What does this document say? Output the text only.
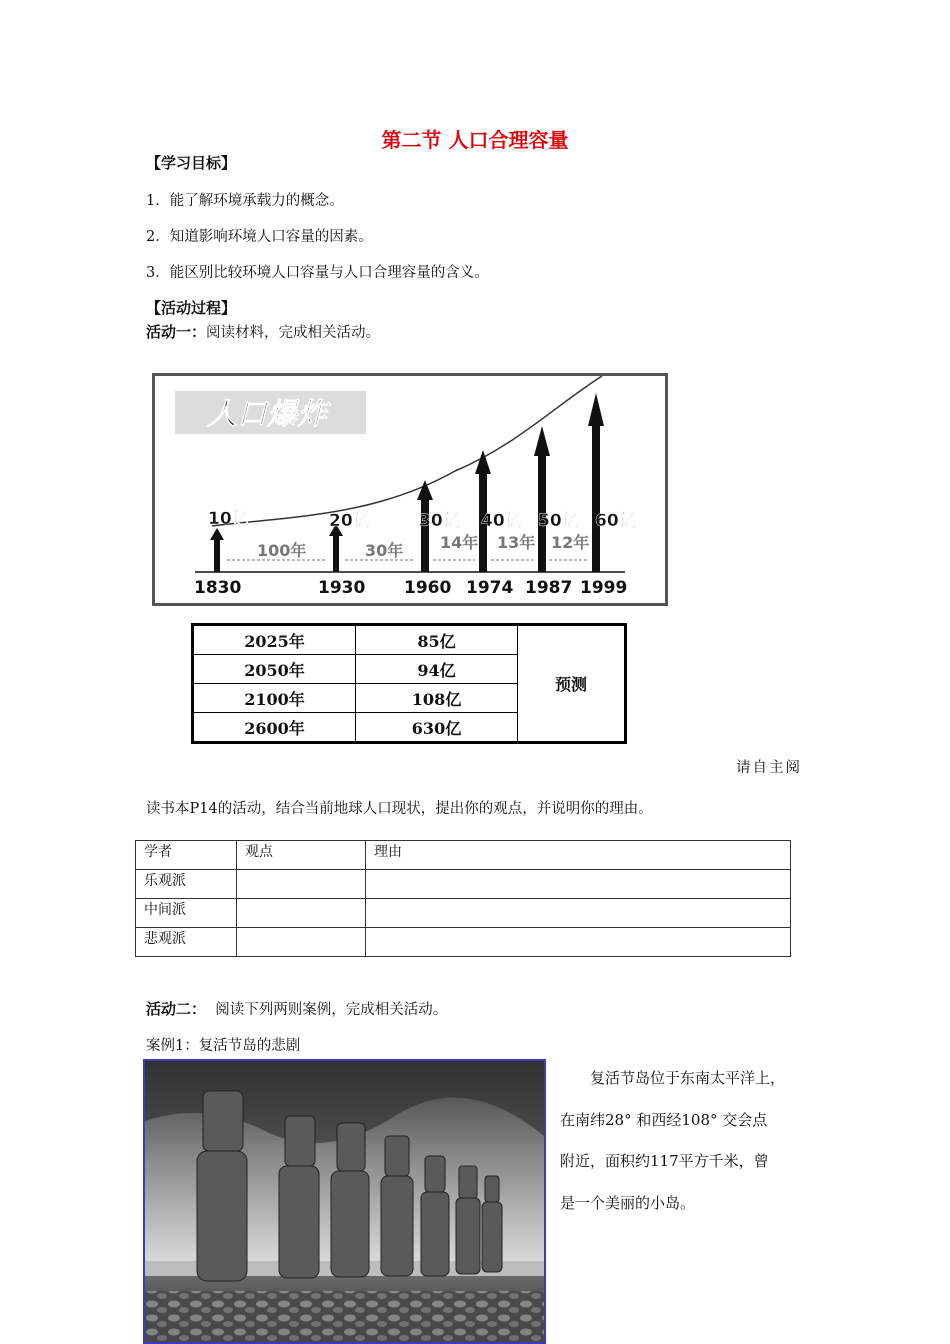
第二节 人口合理容量
【学习目标】
1．能了解环境承载力的概念。
2．知道影响环境人口容量的因素。
3．能区别比较环境人口容量与人口合理容量的含义。
【活动过程】
活动一：阅读材料，完成相关活动。
人口爆炸
10亿	20亿	30亿 40亿 50亿 60亿
100年	30年 14年 13年 12年
1830	1930 1960 1974 1987 1999
2025年	85亿	预测
2050年	94亿	
2100年	108亿	
2600年	630亿	
请自主阅
读书本P14的活动，结合当前地球人口现状，提出你的观点，并说明你的理由。
学者	观点	理由
乐观派		
中间派		
悲观派		
活动二： 阅读下列两则案例，完成相关活动。
案例1：复活节岛的悲剧
复活节岛位于东南太平洋上，
在南纬28° 和西经108° 交会点
附近，面积约117平方千米，曾
是一个美丽的小岛。
